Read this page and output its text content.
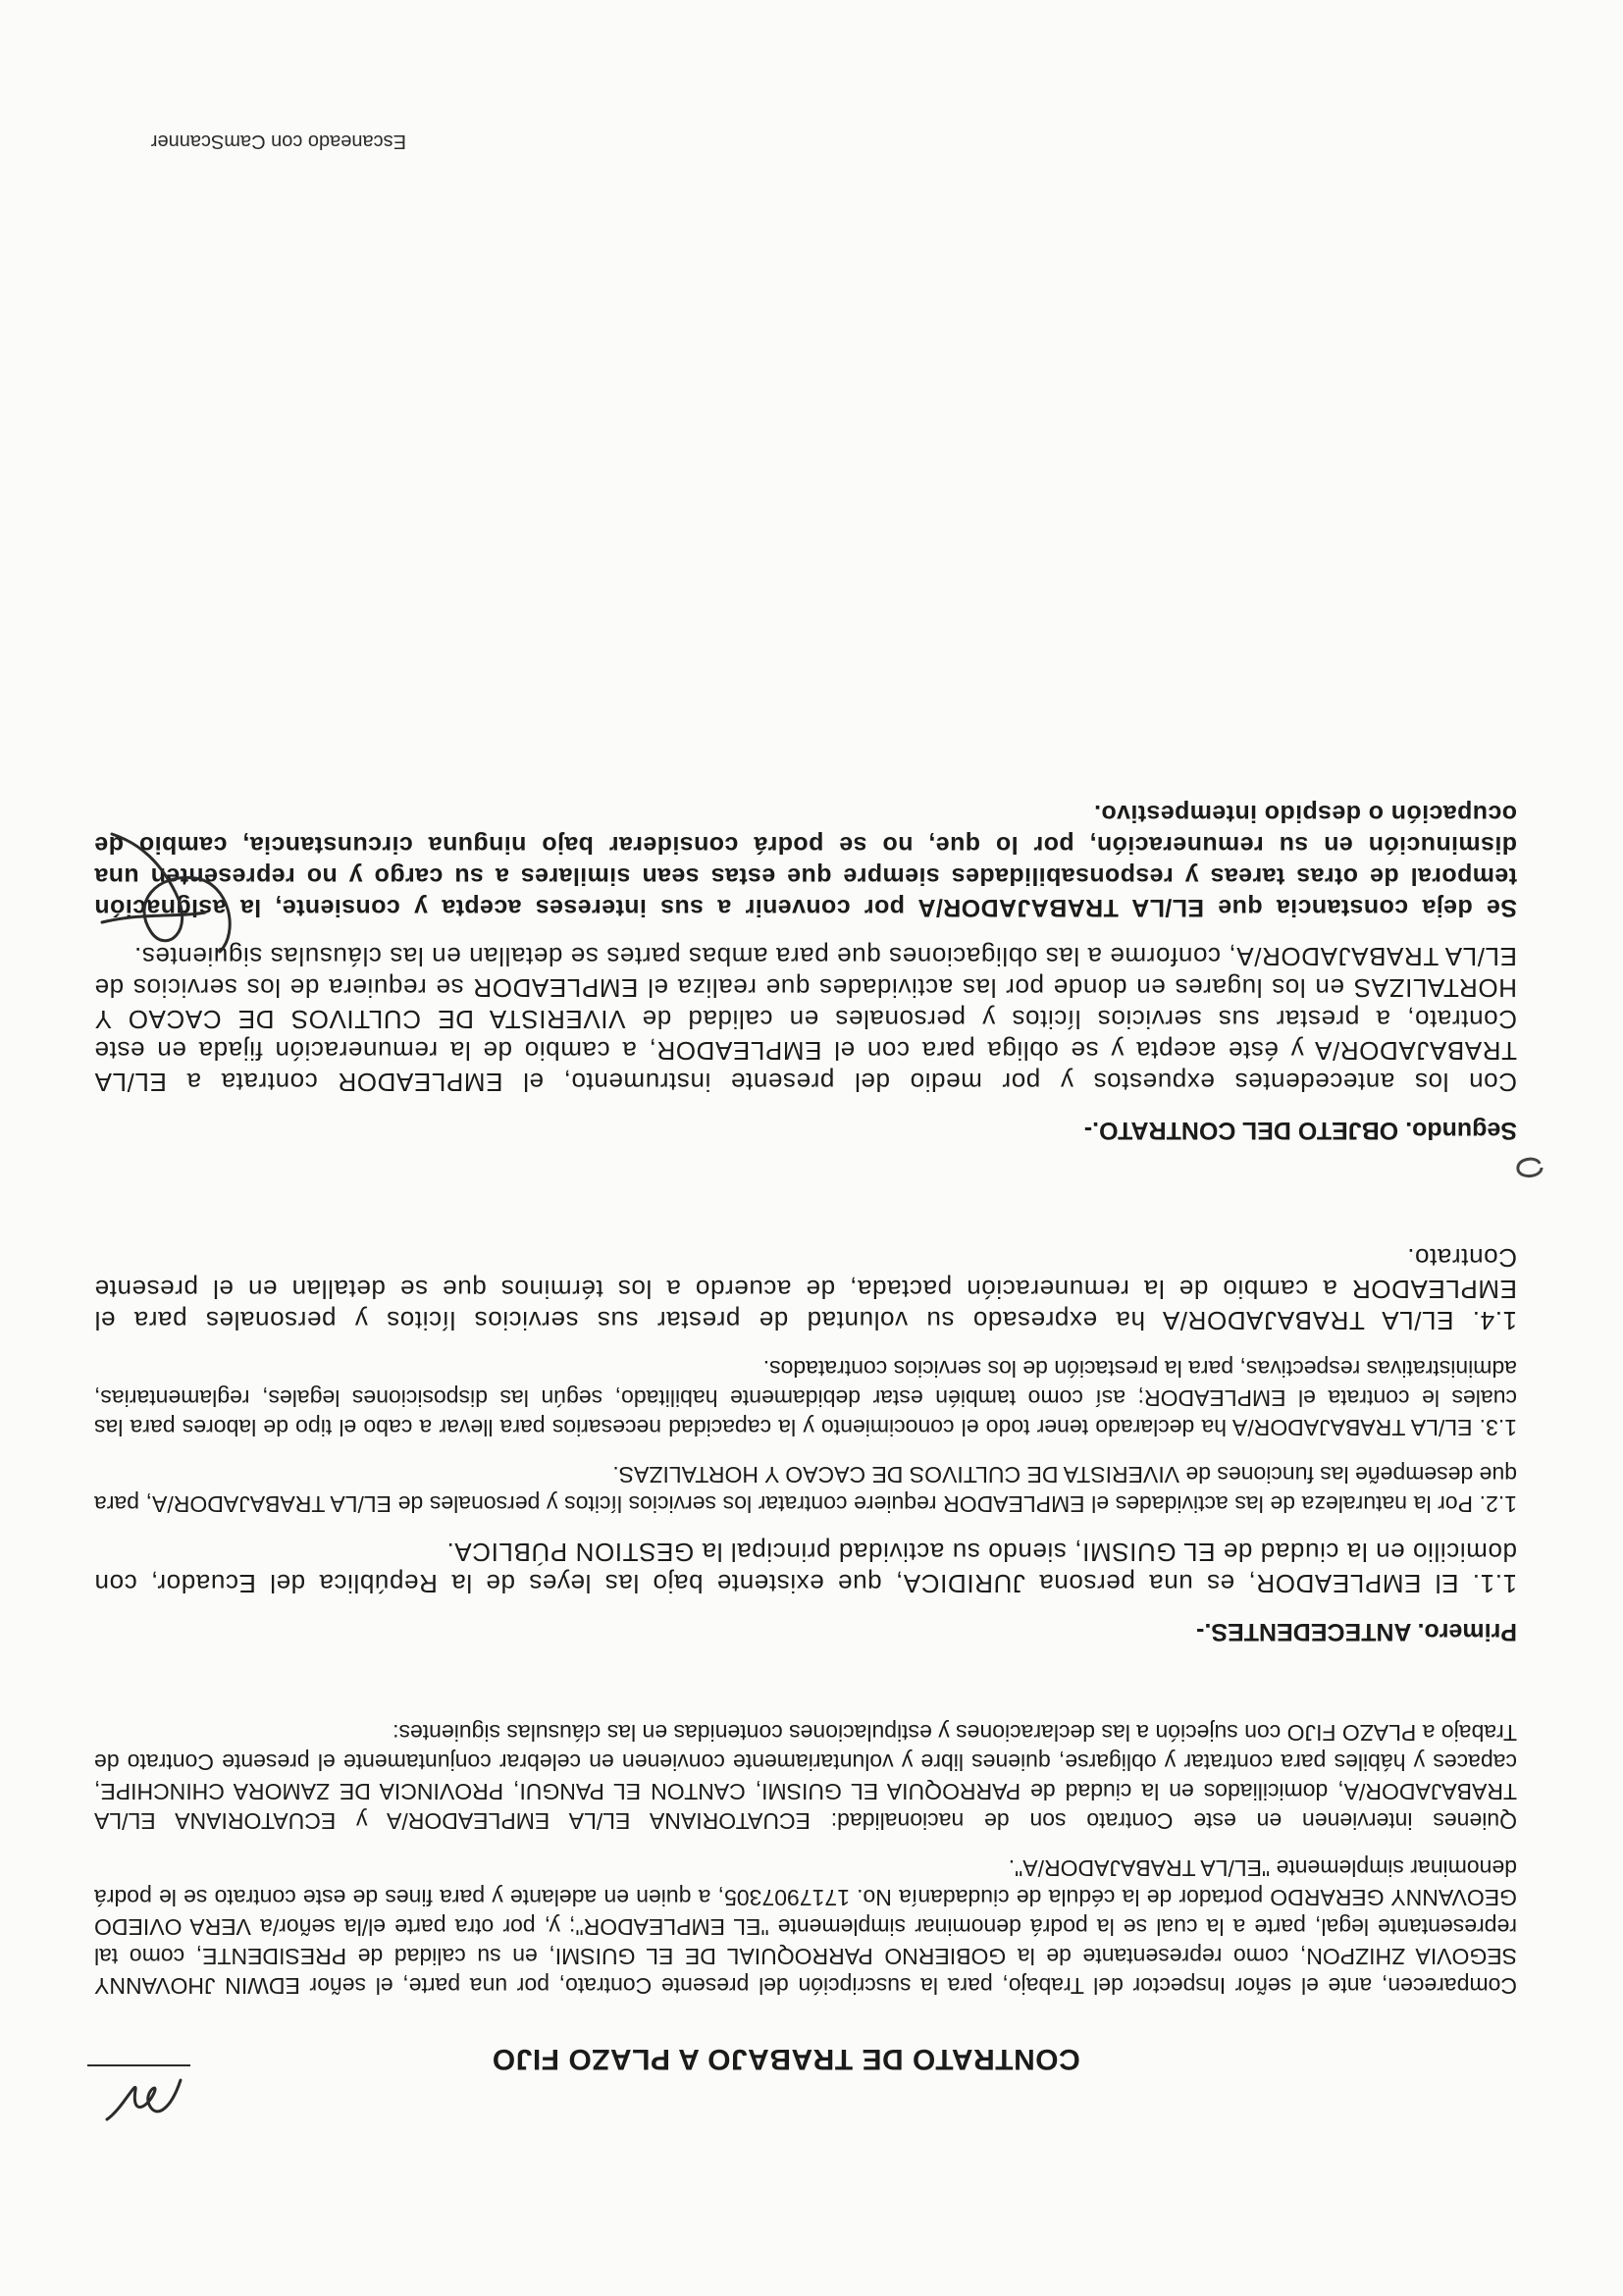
CONTRATO DE TRABAJO A PLAZO FIJO

Comparecen, ante el señor Inspector del Trabajo, para la suscripción del presente Contrato, por una parte, el señor EDWIN JHOVANNY SEGOVIA ZHIZPON, como representante de la GOBIERNO PARROQUIAL DE EL GUISMI, en su calidad de PRESIDENTE, como tal representante legal, parte a la cual se la podrá denominar simplemente "EL EMPLEADOR"; y, por otra parte el/la señor/a VERA OVIEDO GEOVANNY GERARDO portador de la cédula de ciudadanía No. 1717907305, a quien en adelante y para fines de este contrato se le podrá denominar simplemente "EL/LA TRABAJADOR/A".

Quienes intervienen en este Contrato son de nacionalidad: ECUATORIANA EL/LA EMPLEADOR/A y ECUATORIANA EL/LA TRABAJADOR/A, domiciliados en la ciudad de PARROQUIA EL GUISMI, CANTON EL PANGUI, PROVINCIA DE ZAMORA CHINCHIPE, capaces y hábiles para contratar y obligarse, quienes libre y voluntariamente convienen en celebrar conjuntamente el presente Contrato de Trabajo a PLAZO FIJO con sujeción a las declaraciones y estipulaciones contenidas en las cláusulas siguientes:

Primero. ANTECEDENTES.-

1.1. El EMPLEADOR, es una persona JURIDICA, que existente bajo las leyes de la República del Ecuador, con domicilio en la ciudad de EL GUISMI, siendo su actividad principal la GESTION PÚBLICA.

1.2. Por la naturaleza de las actividades el EMPLEADOR requiere contratar los servicios lícitos y personales de EL/LA TRABAJADOR/A, para que desempeñe las funciones de VIVERISTA DE CULTIVOS DE CACAO Y HORTALIZAS.

1.3. EL/LA TRABAJADOR/A ha declarado tener todo el conocimiento y la capacidad necesarios para llevar a cabo el tipo de labores para las cuales le contrata el EMPLEADOR; así como también estar debidamente habilitado, según las disposiciones legales, reglamentarias, administrativas respectivas, para la prestación de los servicios contratados.

1.4. EL/LA TRABAJADOR/A ha expresado su voluntad de prestar sus servicios lícitos y personales para el EMPLEADOR a cambio de la remuneración pactada, de acuerdo a los términos que se detallan en el presente Contrato.

Segundo. OBJETO DEL CONTRATO.-

Con los antecedentes expuestos y por medio del presente instrumento, el EMPLEADOR contrata a EL/LA TRABAJADOR/A y éste acepta y se obliga para con el EMPLEADOR, a cambio de la remuneración fijada en este Contrato, a prestar sus servicios lícitos y personales en calidad de VIVERISTA DE CULTIVOS DE CACAO Y HORTALIZAS en los lugares en donde por las actividades que realiza el EMPLEADOR se requiera de los servicios de EL/LA TRABAJADOR/A, conforme a las obligaciones que para ambas partes se detallan en las cláusulas siguientes.

Se deja constancia que EL/LA TRABAJADOR/A por convenir a sus intereses acepta y consiente, la asignación temporal de otras tareas y responsabilidades siempre que estas sean similares a su cargo y no representen una disminución en su remuneración, por lo que, no se podrá considerar bajo ninguna circunstancia, cambio de ocupación o despido intempestivo.

Escaneado con CamScanner
